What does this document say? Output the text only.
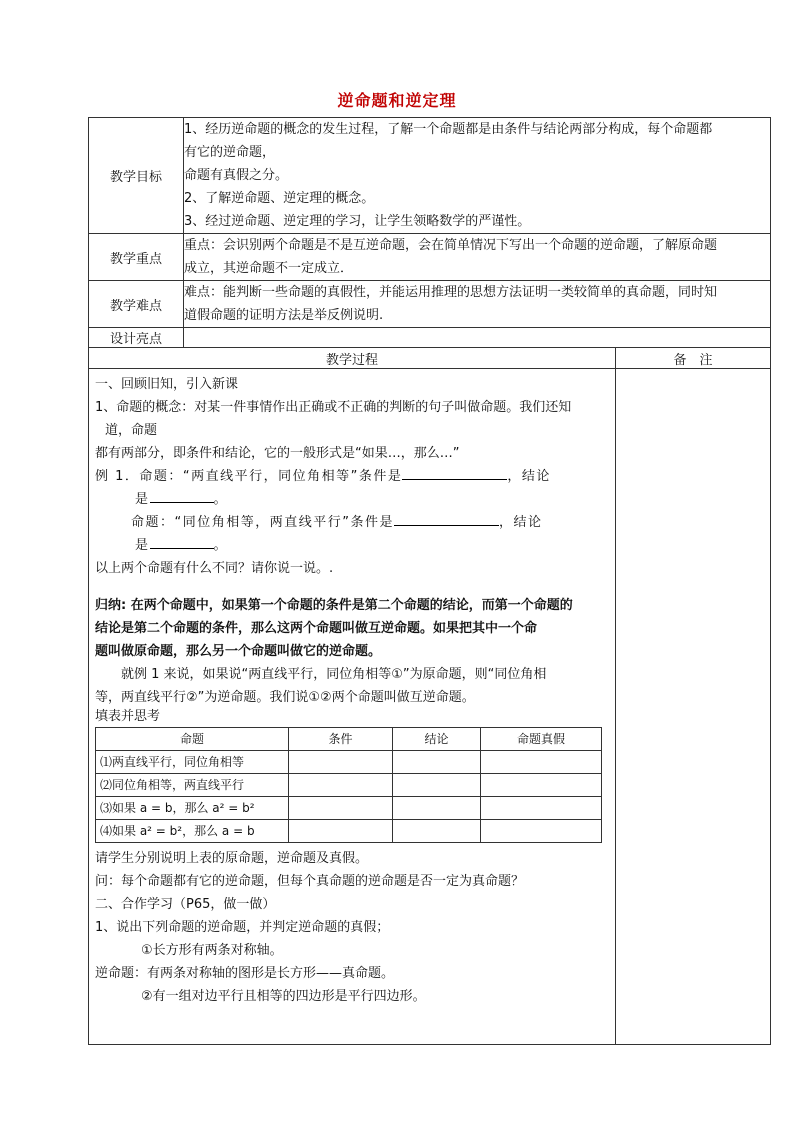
逆命题和逆定理
教学目标	
1、经历逆命题的概念的发生过程，了解一个命题都是由条件与结论两部分构成，每个命题都
有它的逆命题，
命题有真假之分。
2、了解逆命题、逆定理的概念。
3、经过逆命题、逆定理的学习，让学生领略数学的严谨性。

教学重点	
重点：会识别两个命题是不是互逆命题，会在简单情况下写出一个命题的逆命题，了解原命题
成立，其逆命题不一定成立．

教学难点	
难点：能判断一些命题的真假性，并能运用推理的思想方法证明一类较简单的真命题，同时知
道假命题的证明方法是举反例说明.

设计亮点	
教学过程	备　注

一、回顾旧知，引入新课

1、命题的概念：对某一件事情作出正确或不正确的判断的句子叫做命题。我们还知

道，命题

都有两部分，即条件和结论，它的一般形式是“如果…，那么…”

例 1．命题：“两直线平行，同位角相等”条件是	，结论

是	。

命题：“同位角相等，两直线平行”条件是	，结论

是	。

以上两个命题有什么不同？请你说一说。.

归纳: 在两个命题中，如果第一个命题的条件是第二个命题的结论，而第一个命题的

结论是第二个命题的条件，那么这两个命题叫做互逆命题。如果把其中一个命

题叫做原命题，那么另一个命题叫做它的逆命题。

就例 1 来说，如果说“两直线平行，同位角相等①”为原命题，则“同位角相

等，两直线平行②”为逆命题。我们说①②两个命题叫做互逆命题。

填表并思考

命题	条件	结论	命题真假
⑴两直线平行，同位角相等			
⑵同位角相等，两直线平行			
⑶如果 a = b，那么 a² = b²			
⑷如果 a² = b²，那么 a = b			

请学生分别说明上表的原命题，逆命题及真假。

问：每个命题都有它的逆命题，但每个真命题的逆命题是否一定为真命题？

二、合作学习（P65，做一做）

1、说出下列命题的逆命题，并判定逆命题的真假；

①长方形有两条对称轴。

逆命题：有两条对称轴的图形是长方形——真命题。

②有一组对边平行且相等的四边形是平行四边形。
